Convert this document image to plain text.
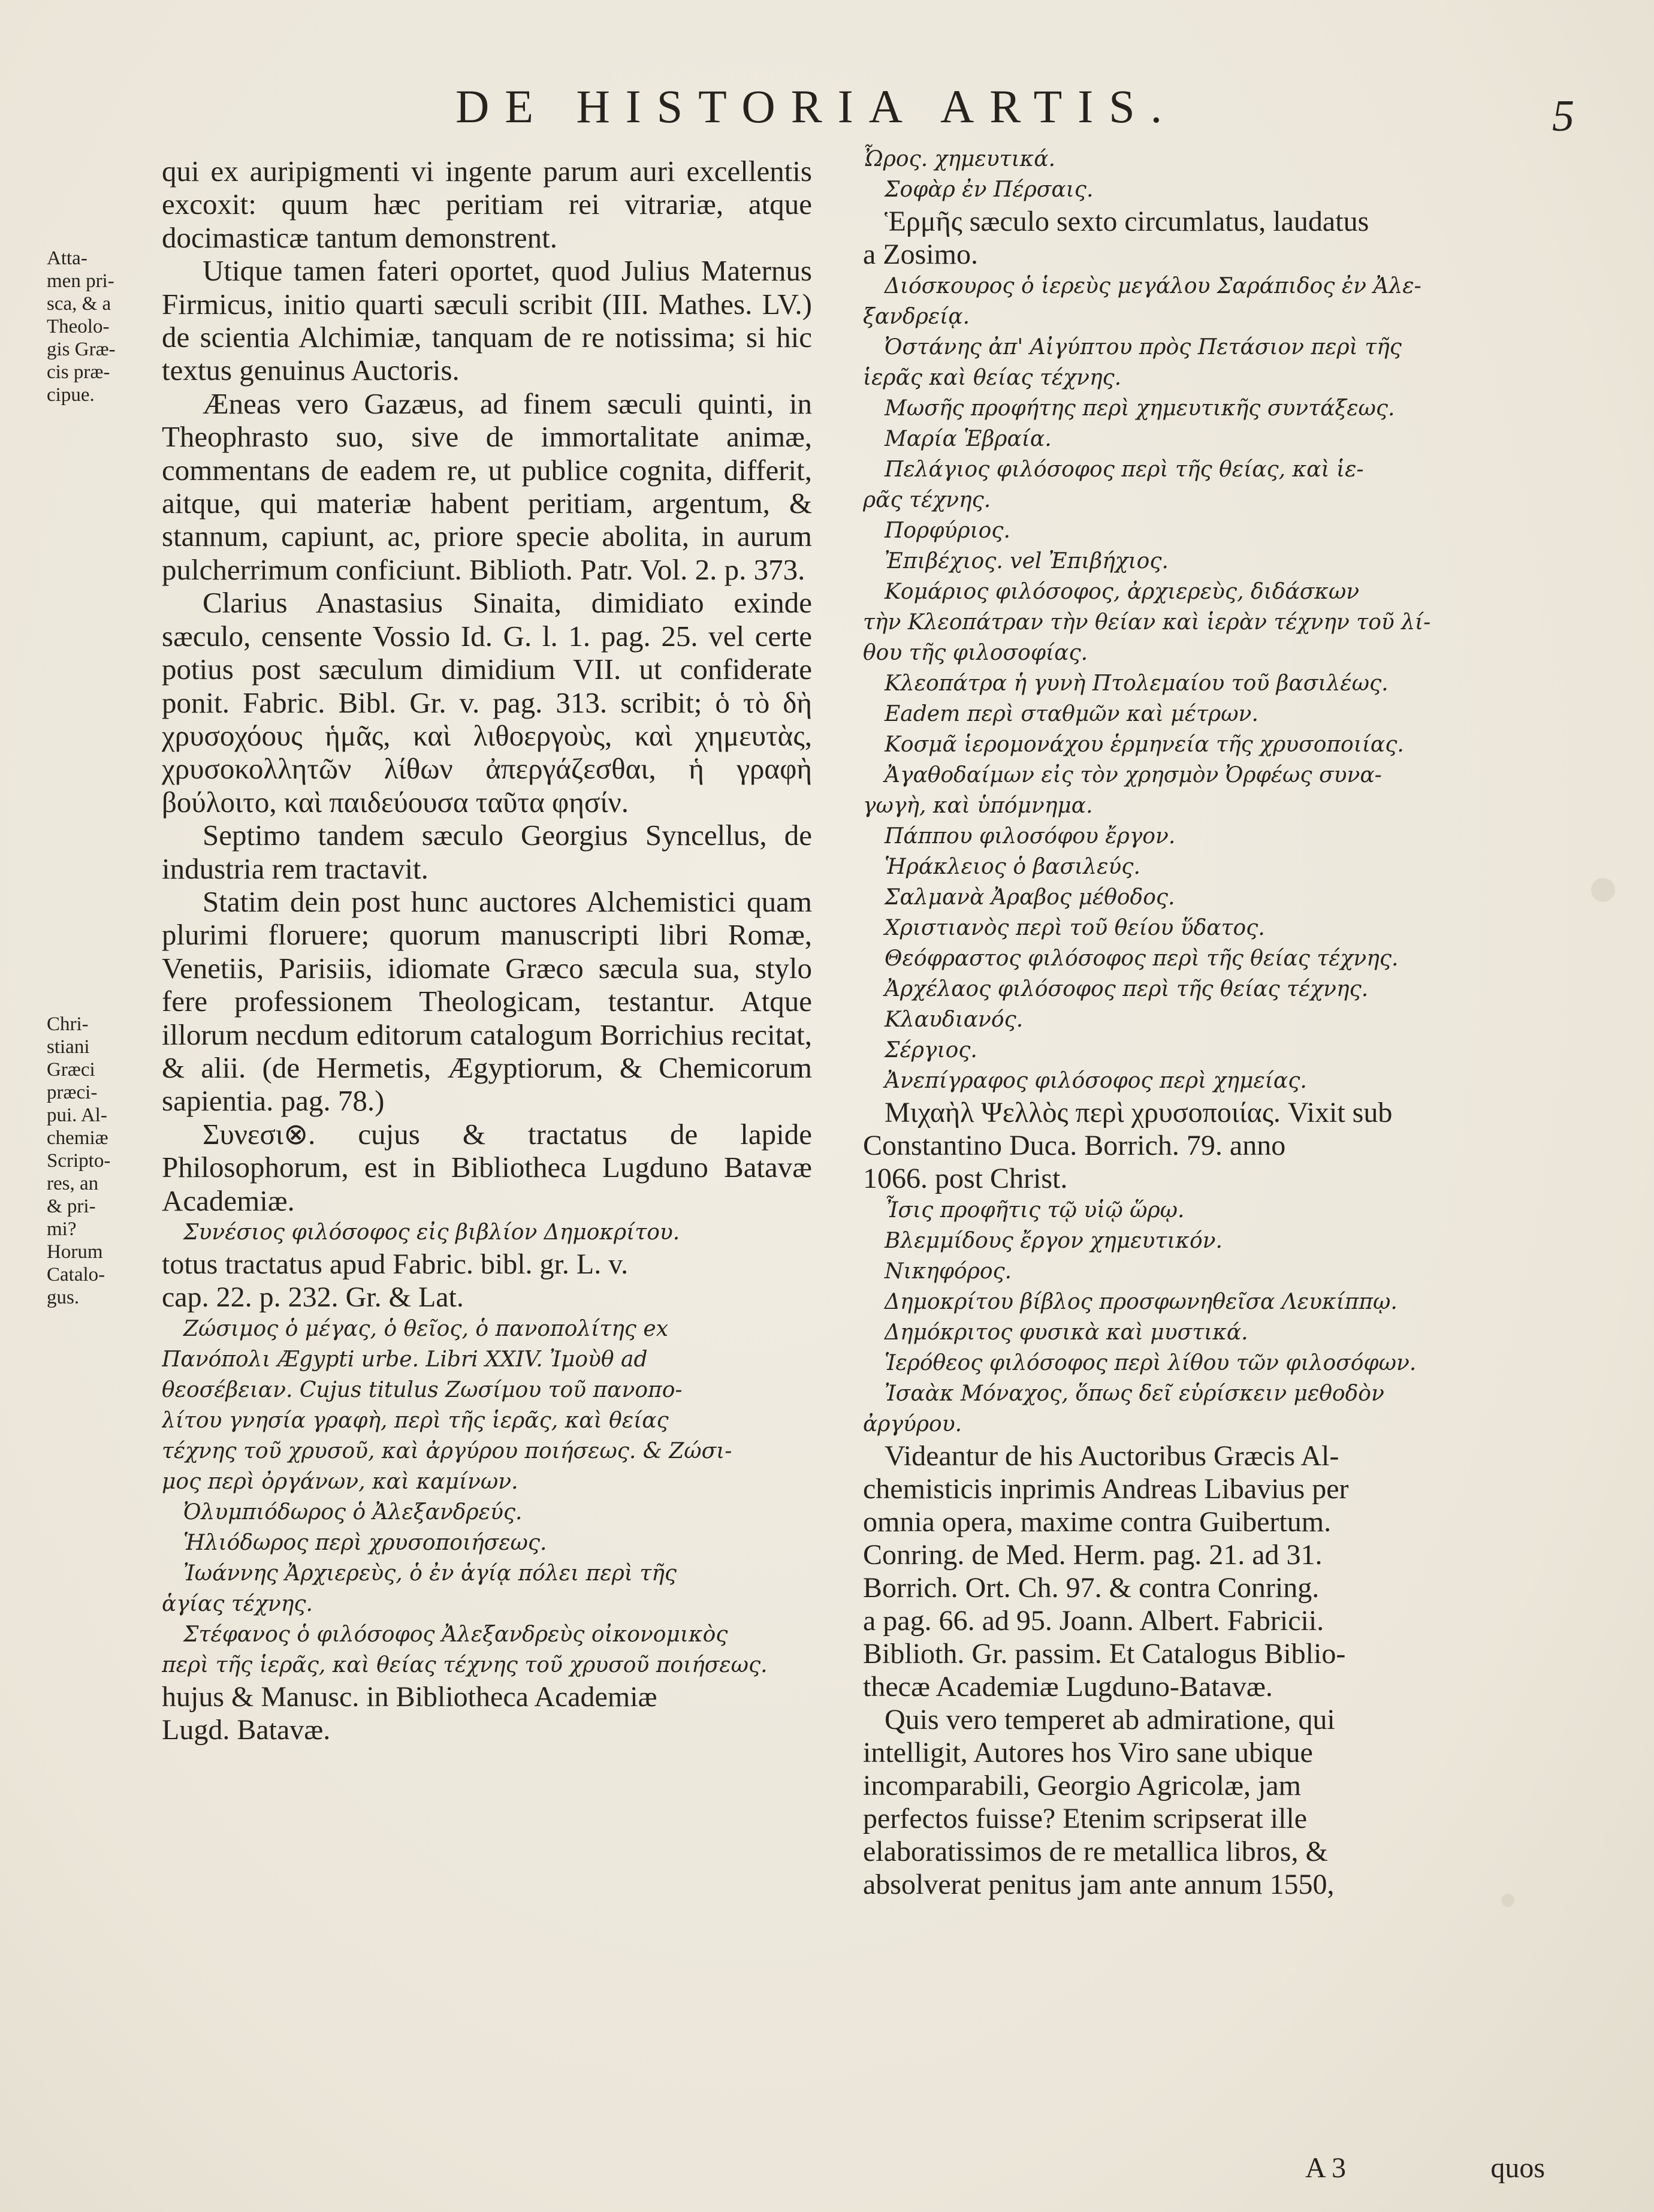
DE HISTORIA ARTIS.	5
Atta-
men pri-
sca, & a
Theolo-
gis Græ-
cis præ-
cipue.
Chri-
stiani
Græci
præci-
pui. Al-
chemiæ
Scripto-
res, an
& pri-
mi?
Horum
Catalo-
gus.

qui ex auripigmenti vi ingente parum auri excellentis excoxit: quum hæc peritiam rei vitrariæ, atque docimasticæ tantum demonstrent.

Utique tamen fateri oportet, quod Julius Maternus Firmicus, initio quarti sæculi scribit (III. Mathes. LV.) de scientia Alchimiæ, tanquam de re notissima; si hic textus genuinus Auctoris.

Æneas vero Gazæus, ad finem sæculi quinti, in Theophrasto suo, sive de immortalitate animæ, commentans de eadem re, ut publice cognita, differit, aitque, qui materiæ habent peritiam, argentum, & stannum, capiunt, ac, priore specie abolita, in aurum pulcherrimum conficiunt. Biblioth. Patr. Vol. 2. p. 373.

Clarius Anastasius Sinaita, dimidiato exinde sæculo, censente Vossio Id. G. l. 1. pag. 25. vel certe potius post sæculum dimidium VII. ut confiderate ponit. Fabric. Bibl. Gr. v. pag. 313. scribit; ὁ τὸ δὴ χρυσοχόους ἡμᾶς, καὶ λιθοεργοὺς, καὶ χημευτὰς, χρυσοκολλητῶν λίθων ἀπεργάζεσθαι, ἡ γραφὴ βούλοιτο, καὶ παιδεύουσα ταῦτα φησίν.

Septimo tandem sæculo Georgius Syncellus, de industria rem tractavit.

Statim dein post hunc auctores Alchemistici quam plurimi floruere; quorum manuscripti libri Romæ, Venetiis, Parisiis, idiomate Græco sæcula sua, stylo fere professionem Theologicam, testantur. Atque illorum necdum editorum catalogum Borrichius recitat, & alii. (de Hermetis, Ægyptiorum, & Chemicorum sapientia. pag. 78.)

Συνεσι⊗. cujus & tractatus de lapide Philosophorum, est in Bibliotheca Lugduno Batavæ Academiæ.

Συνέσιος φιλόσοφος εἰς βιβλίον Δημοκρίτου.
totus tractatus apud Fabric. bibl. gr. L. v.
cap. 22. p. 232. Gr. & Lat.
Ζώσιμος ὁ μέγας, ὁ θεῖος, ὁ πανοπολίτης ex
Πανόπολι Ægypti urbe. Libri XXIV. Ἰμοὺθ ad
θεοσέβειαν. Cujus titulus Ζωσίμου τοῦ πανοπο-
λίτου γνησία γραφὴ, περὶ τῆς ἱερᾶς, καὶ θείας
τέχνης τοῦ χρυσοῦ, καὶ ἀργύρου ποιήσεως. & Ζώσι-
μος περὶ ὀργάνων, καὶ καμίνων.
Ὀλυμπιόδωρος ὁ Ἀλεξανδρεύς.
Ἡλιόδωρος περὶ χρυσοποιήσεως.
Ἰωάννης Ἀρχιερεὺς, ὁ ἐν ἁγίᾳ πόλει περὶ τῆς
ἁγίας τέχνης.
Στέφανος ὁ φιλόσοφος Ἀλεξανδρεὺς οἰκονομικὸς
περὶ τῆς ἱερᾶς, καὶ θείας τέχνης τοῦ χρυσοῦ ποιήσεως.
hujus & Manusc. in Bibliotheca Academiæ
Lugd. Batavæ.
Ὦρος. χημευτικά.
Σοφὰρ ἐν Πέρσαις.
Ἑρμῆς sæculo sexto circumlatus, laudatus
a Zosimo.
Διόσκουρος ὁ ἱερεὺς μεγάλου Σαράπιδος ἐν Ἀλε-
ξανδρείᾳ.
Ὀστάνης ἀπ' Αἰγύπτου πρὸς Πετάσιον περὶ τῆς
ἱερᾶς καὶ θείας τέχνης.
Μωσῆς προφήτης περὶ χημευτικῆς συντάξεως.
Μαρία Ἑβραία.
Πελάγιος φιλόσοφος περὶ τῆς θείας, καὶ ἱε-
ρᾶς τέχνης.
Πορφύριος.
Ἐπιβέχιος. vel Ἐπιβήχιος.
Κομάριος φιλόσοφος, ἀρχιερεὺς, διδάσκων
τὴν Κλεοπάτραν τὴν θείαν καὶ ἱερὰν τέχνην τοῦ λί-
θου τῆς φιλοσοφίας.
Κλεοπάτρα ἡ γυνὴ Πτολεμαίου τοῦ βασιλέως.
Eadem περὶ σταθμῶν καὶ μέτρων.
Κοσμᾶ ἱερομονάχου ἑρμηνεία τῆς χρυσοποιίας.
Ἀγαθοδαίμων εἰς τὸν χρησμὸν Ὀρφέως συνα-
γωγὴ, καὶ ὑπόμνημα.
Πάππου φιλοσόφου ἔργον.
Ἡράκλειος ὁ βασιλεύς.
Σαλμανὰ Ἀραβος μέθοδος.
Χριστιανὸς περὶ τοῦ θείου ὕδατος.
Θεόφραστος φιλόσοφος περὶ τῆς θείας τέχνης.
Ἀρχέλαος φιλόσοφος περὶ τῆς θείας τέχνης.
Κλαυδιανός.
Σέργιος.
Ἀνεπίγραφος φιλόσοφος περὶ χημείας.
Μιχαὴλ Ψελλὸς περὶ χρυσοποιίας. Vixit sub
Constantino Duca. Borrich. 79. anno
1066. post Christ.
Ἶσις προφῆτις τῷ υἱῷ ὥρῳ.
Βλεμμίδους ἔργον χημευτικόν.
Νικηφόρος.
Δημοκρίτου βίβλος προσφωνηθεῖσα Λευκίππῳ.
Δημόκριτος φυσικὰ καὶ μυστικά.
Ἱερόθεος φιλόσοφος περὶ λίθου τῶν φιλοσόφων.
Ἰσαὰκ Μόναχος, ὅπως δεῖ εὑρίσκειν μεθοδὸν
ἀργύρου.
Videantur de his Auctoribus Græcis Al-
chemisticis inprimis Andreas Libavius per
omnia opera, maxime contra Guibertum.
Conring. de Med. Herm. pag. 21. ad 31.
Borrich. Ort. Ch. 97. & contra Conring.
a pag. 66. ad 95. Joann. Albert. Fabricii.
Biblioth. Gr. passim. Et Catalogus Biblio-
thecæ Academiæ Lugduno-Batavæ.
Quis vero temperet ab admiratione, qui
intelligit, Autores hos Viro sane ubique
incomparabili, Georgio Agricolæ, jam
perfectos fuisse? Etenim scripserat ille
elaboratissimos de re metallica libros, &
absolverat penitus jam ante annum 1550,
A 3	quos
